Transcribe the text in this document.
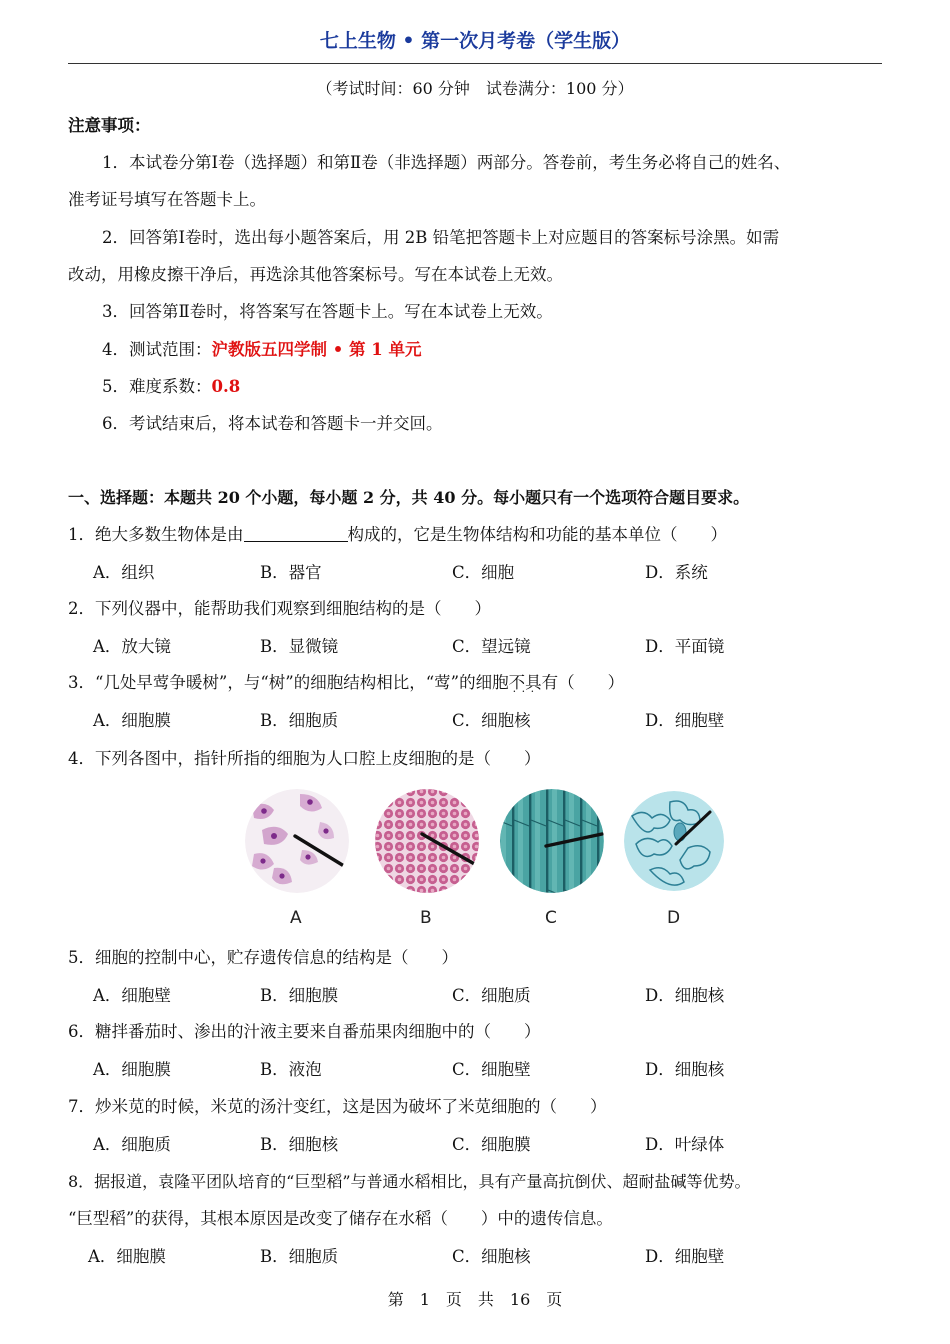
七上生物 • 第一次月考卷（学生版）
（考试时间：60 分钟　试卷满分：100 分）
注意事项：
1．本试卷分第Ⅰ卷（选择题）和第Ⅱ卷（非选择题）两部分。答卷前，考生务必将自己的姓名、
准考证号填写在答题卡上。
2．回答第Ⅰ卷时，选出每小题答案后，用 2B 铅笔把答题卡上对应题目的答案标号涂黑。如需
改动，用橡皮擦干净后，再选涂其他答案标号。写在本试卷上无效。
3．回答第Ⅱ卷时，将答案写在答题卡上。写在本试卷上无效。
4．测试范围：沪教版五四学制 • 第 1 单元
5．难度系数：0.8
6．考试结束后，将本试卷和答题卡一并交回。
一、选择题：本题共 20 个小题，每小题 2 分，共 40 分。每小题只有一个选项符合题目要求。
1．绝大多数生物体是由	构成的，它是生物体结构和功能的基本单位（　　）
A．组织	B．器官	C．细胞	D．系统
2．下列仪器中，能帮助我们观察到细胞结构的是（　　）
A．放大镜	B．显微镜	C．望远镜	D．平面镜
3．“几处早莺争暖树”，与“树”的细胞结构相比，“莺”的细胞不具有 · · ·（　　）
A．细胞膜	B．细胞质	C．细胞核	D．细胞壁
4．下列各图中，指针所指的细胞为人口腔上皮细胞的是（　　）
A	B	C	D
5．细胞的控制中心，贮存遗传信息的结构是（　　）
A．细胞壁	B．细胞膜	C．细胞质	D．细胞核
6．糖拌番茄时、渗出的汁液主要来自番茄果肉细胞中的（　　）
A．细胞膜	B．液泡	C．细胞壁	D．细胞核
7．炒米苋的时候，米苋的汤汁变红，这是因为破坏了米苋细胞的（　　）
A．细胞质	B．细胞核	C．细胞膜	D．叶绿体
8．据报道，袁隆平团队培育的“巨型稻”与普通水稻相比，具有产量高抗倒伏、超耐盐碱等优势。
“巨型稻”的获得，其根本原因是改变了储存在水稻（　　）中的遗传信息。
A．细胞膜	B．细胞质	C．细胞核	D．细胞壁
第　1　页　共　16　页
